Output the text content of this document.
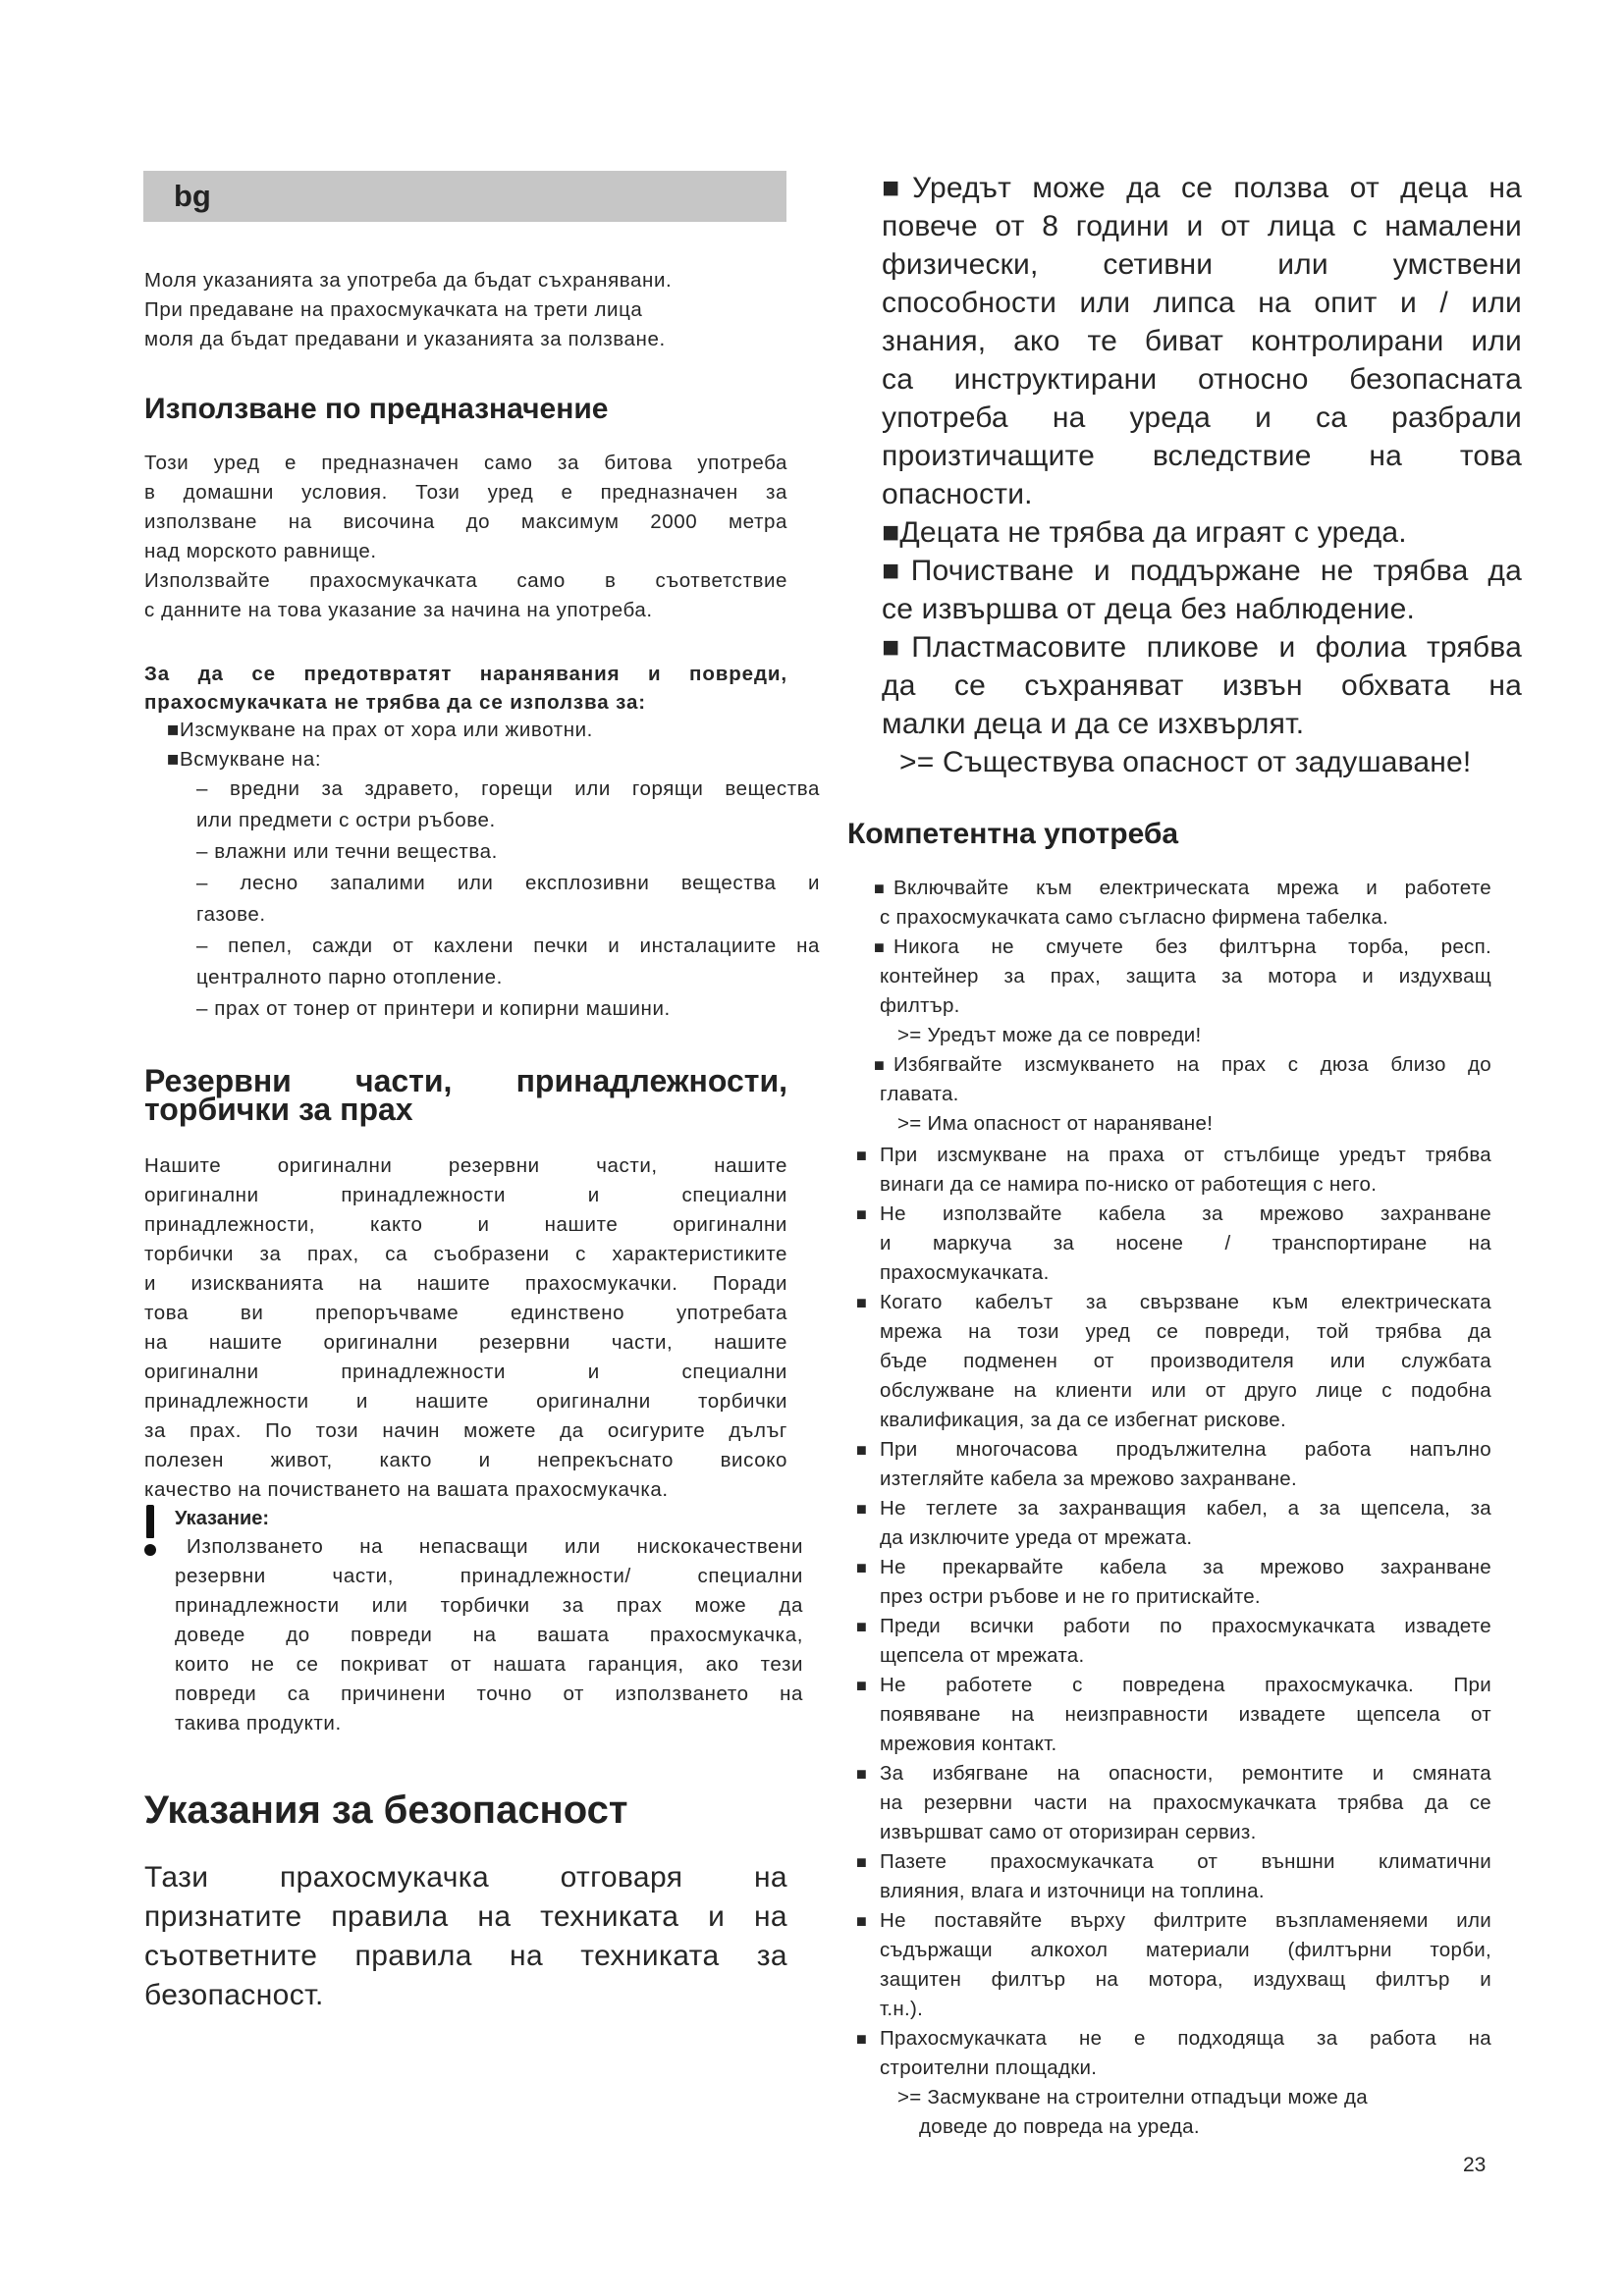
bg
Моля указанията за употреба да бъдат съхранявани.
При предаване на прахосмукачката на трети лица
моля да бъдат предавани и указанията за ползване.
Използване по предназначение
Този уред е предназначен само за битова употреба
в домашни условия. Този уред е предназначен за
използване на височина до максимум 2000 метра
над морското равнище.
Използвайте прахосмукачката само в съответствие
с данните на това указание за начина на употреба.
За да се предотвратят наранявания и повреди,
прахосмукачката не трябва да се използва за:
■Изсмукване на прах от хора или животни.
■Всмукване на:
– вредни за здравето, горещи или горящи вещества
или предмети с остри ръбове.
– влажни или течни вещества.
– лесно запалими или експлозивни вещества и
газове.
– пепел, сажди от кахлени печки и инсталациите на
централното парно отопление.
– прах от тонер от принтери и копирни машини.
Резервни части, принадлежности,
торбички за прах
Нашите оригинални резервни части, нашите
оригинални принадлежности и специални
принадлежности, както и нашите оригинални
торбички за прах, са съобразени с характеристиките
и изискванията на нашите прахосмукачки. Поради
това ви препоръчваме единствено употребата
на нашите оригинални резервни части, нашите
оригинални принадлежности и специални
принадлежности и нашите оригинални торбички
за прах. По този начин можете да осигурите дълъг
полезен живот, както и непрекъснато високо
качество на почистването на вашата прахосмукачка.
Указание:
Използването на непасващи или нискокачествени
резервни части, принадлежности/ специални
принадлежности или торбички за прах може да
доведе до повреди на вашата прахосмукачка,
които не се покриват от нашата гаранция, ако тези
повреди са причинени точно от използването на
такива продукти.
Указания за безопасност
Тази прахосмукачка отговаря на
признатите правила на техниката и на
съответните правила на техниката за
безопасност.
■Уредът може да се ползва от деца на
повече от 8 години и от лица с намалени
физически, сетивни или умствени
способности или липса на опит и / или
знания, ако те биват контролирани или
са инструктирани относно безопасната
употреба на уреда и са разбрали
произтичащите вследствие на това
опасности.
■Децата не трябва да играят с уреда.
■Почистване и поддържане не трябва да
се извършва от деца без наблюдение.
■Пластмасовите пликове и фолиа трябва
да се съхраняват извън обхвата на
малки деца и да се изхвърлят.
>= Съществува опасност от задушаване!
Компетентна употреба
■ Включвайте към електрическата мрежа и работете
с прахосмукачката само съгласно фирмена табелка.
■ Никога не смучете без филтърна торба, респ.
контейнер за прах, защита за мотора и издухващ
филтър.
>= Уредът може да се повреди!
■ Избягвайте изсмукването на прах с дюза близо до
главата.
>= Има опасност от нараняване!
■ При изсмукване на праха от стълбище уредът трябва
винаги да се намира по-ниско от работещия с него.
■ Не използвайте кабела за мрежово захранване
и маркуча за носене / транспортиране на
прахосмукачката.
■ Когато кабелът за свързване към електрическата
мрежа на този уред се повреди, той трябва да
бъде подменен от производителя или службата
обслужване на клиенти или от друго лице с подобна
квалификация, за да се избегнат рискове.
■ При многочасова продължителна работа напълно
изтегляйте кабела за мрежово захранване.
■ Не теглете за захранващия кабел, а за щепсела, за
да изключите уреда от мрежата.
■ Не прекарвайте кабела за мрежово захранване
през остри ръбове и не го притискайте.
■ Преди всички работи по прахосмукачката извадете
щепсела от мрежата.
■ Не работете с повредена прахосмукачка. При
появяване на неизправности извадете щепсела от
мрежовия контакт.
■ За избягване на опасности, ремонтите и смяната
на резервни части на прахосмукачката трябва да се
извършват само от оторизиран сервиз.
■ Пазете прахосмукачката от външни климатични
влияния, влага и източници на топлина.
■ Не поставяйте върху филтрите възпламеняеми или
съдържащи алкохол материали (филтърни торби,
защитен филтър на мотора, издухващ филтър и
т.н.).
■ Прахосмукачката не е подходяща за работа на
строителни площадки.
>= Засмукване на строителни отпадъци може да
доведе до повреда на уреда.
23
